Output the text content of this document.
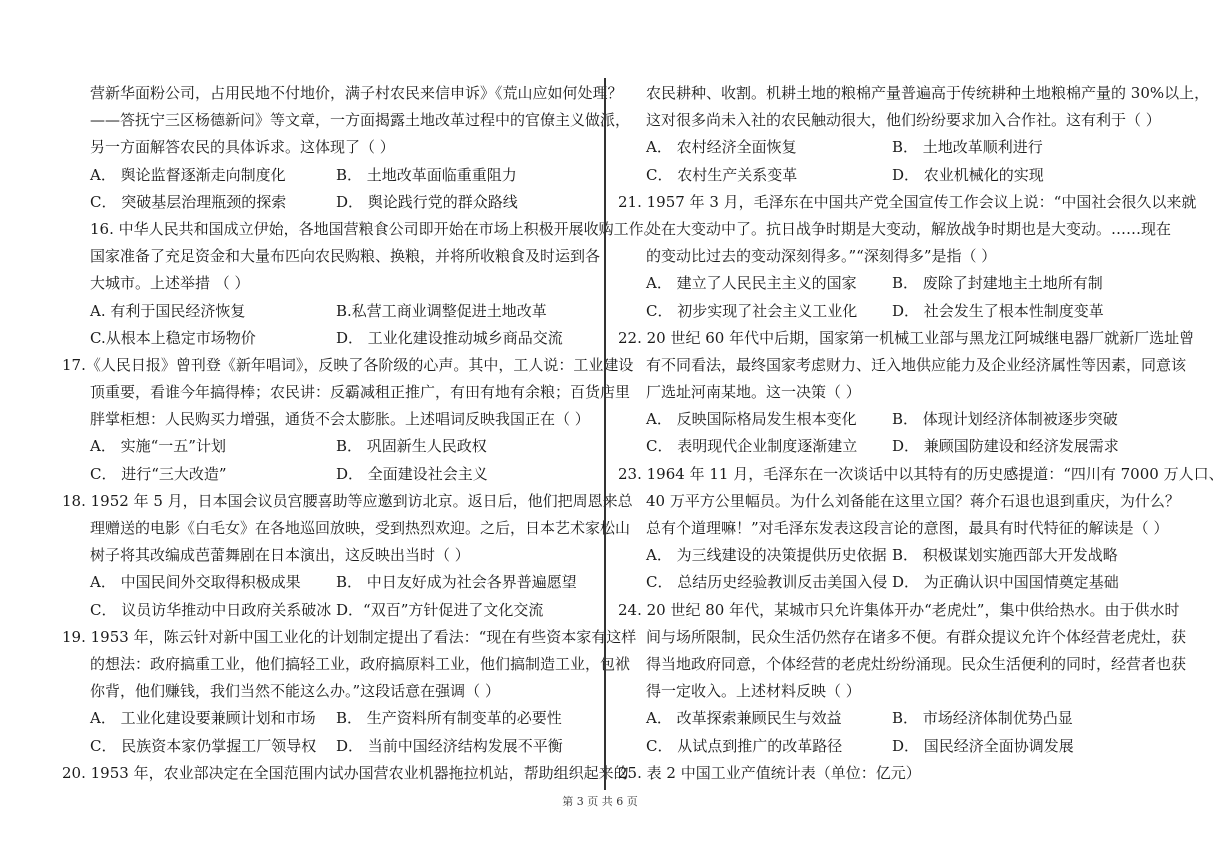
营新华面粉公司，占用民地不付地价，满子村农民来信申诉》《荒山应如何处理？
——答抚宁三区杨德新问》等文章，一方面揭露土地改革过程中的官僚主义做派，
另一方面解答农民的具体诉求。这体现了（ ）
A． 舆论监督逐渐走向制度化	B． 土地改革面临重重阻力
C． 突破基层治理瓶颈的探索	D． 舆论践行党的群众路线
16. 中华人民共和国成立伊始，各地国营粮食公司即开始在市场上积极开展收购工作。
国家准备了充足资金和大量布匹向农民购粮、换粮，并将所收粮食及时运到各
大城市。上述举措 （ ）
A. 有利于国民经济恢复	B.私营工商业调整促进土地改革
C.从根本上稳定市场物价	D． 工业化建设推动城乡商品交流
17.《人民日报》曾刊登《新年唱词》，反映了各阶级的心声。其中，工人说：工业建设
顶重要，看谁今年搞得棒；农民讲：反霸减租正推广，有田有地有余粮；百货店里
胖掌柜想：人民购买力增强，通货不会太膨胀。上述唱词反映我国正在（ ）
A． 实施“一五”计划	B． 巩固新生人民政权
C． 进行“三大改造”	D． 全面建设社会主义
18. 1952 年 5 月，日本国会议员宫腰喜助等应邀到访北京。返日后，他们把周恩来总
理赠送的电影《白毛女》在各地巡回放映，受到热烈欢迎。之后，日本艺术家松山
树子将其改编成芭蕾舞剧在日本演出，这反映出当时（ ）
A． 中国民间外交取得积极成果	B． 中日友好成为社会各界普遍愿望
C． 议员访华推动中日政府关系破冰 D．“双百”方针促进了文化交流
19. 1953 年，陈云针对新中国工业化的计划制定提出了看法：“现在有些资本家有这样
的想法：政府搞重工业，他们搞轻工业，政府搞原料工业，他们搞制造工业，包袱
你背，他们赚钱，我们当然不能这么办。”这段话意在强调（ ）
A． 工业化建设要兼顾计划和市场	B． 生产资料所有制变革的必要性
C． 民族资本家仍掌握工厂领导权	D． 当前中国经济结构发展不平衡
20. 1953 年，农业部决定在全国范围内试办国营农业机器拖拉机站，帮助组织起来的
农民耕种、收割。机耕土地的粮棉产量普遍高于传统耕种土地粮棉产量的 30%以上，
这对很多尚未入社的农民触动很大，他们纷纷要求加入合作社。这有利于（ ）
A． 农村经济全面恢复	B． 土地改革顺利进行
C． 农村生产关系变革	D． 农业机械化的实现
21. 1957 年 3 月，毛泽东在中国共产党全国宣传工作会议上说：“中国社会很久以来就
处在大变动中了。抗日战争时期是大变动，解放战争时期也是大变动。……现在
的变动比过去的变动深刻得多。”“深刻得多”是指（ ）
A． 建立了人民民主主义的国家	B． 废除了封建地主土地所有制
C． 初步实现了社会主义工业化	D． 社会发生了根本性制度变革
22. 20 世纪 60 年代中后期，国家第一机械工业部与黑龙江阿城继电器厂就新厂选址曾
有不同看法，最终国家考虑财力、迁入地供应能力及企业经济属性等因素，同意该
厂选址河南某地。这一决策（ ）
A． 反映国际格局发生根本变化	B． 体现计划经济体制被逐步突破
C． 表明现代企业制度逐渐建立	D． 兼顾国防建设和经济发展需求
23. 1964 年 11 月，毛泽东在一次谈话中以其特有的历史感提道：“四川有 7000 万人口、
40 万平方公里幅员。为什么刘备能在这里立国？蒋介石退也退到重庆，为什么？
总有个道理嘛！”对毛泽东发表这段言论的意图，最具有时代特征的解读是（ ）
A． 为三线建设的决策提供历史依据 B． 积极谋划实施西部大开发战略
C． 总结历史经验教训反击美国入侵 D． 为正确认识中国国情奠定基础
24. 20 世纪 80 年代，某城市只允许集体开办“老虎灶”，集中供给热水。由于供水时
间与场所限制，民众生活仍然存在诸多不便。有群众提议允许个体经营老虎灶，获
得当地政府同意，个体经营的老虎灶纷纷涌现。民众生活便利的同时，经营者也获
得一定收入。上述材料反映（ ）
A． 改革探索兼顾民生与效益	B． 市场经济体制优势凸显
C． 从试点到推广的改革路径	D． 国民经济全面协调发展
25. 表 2 中国工业产值统计表（单位：亿元）
第 3 页 共 6 页
